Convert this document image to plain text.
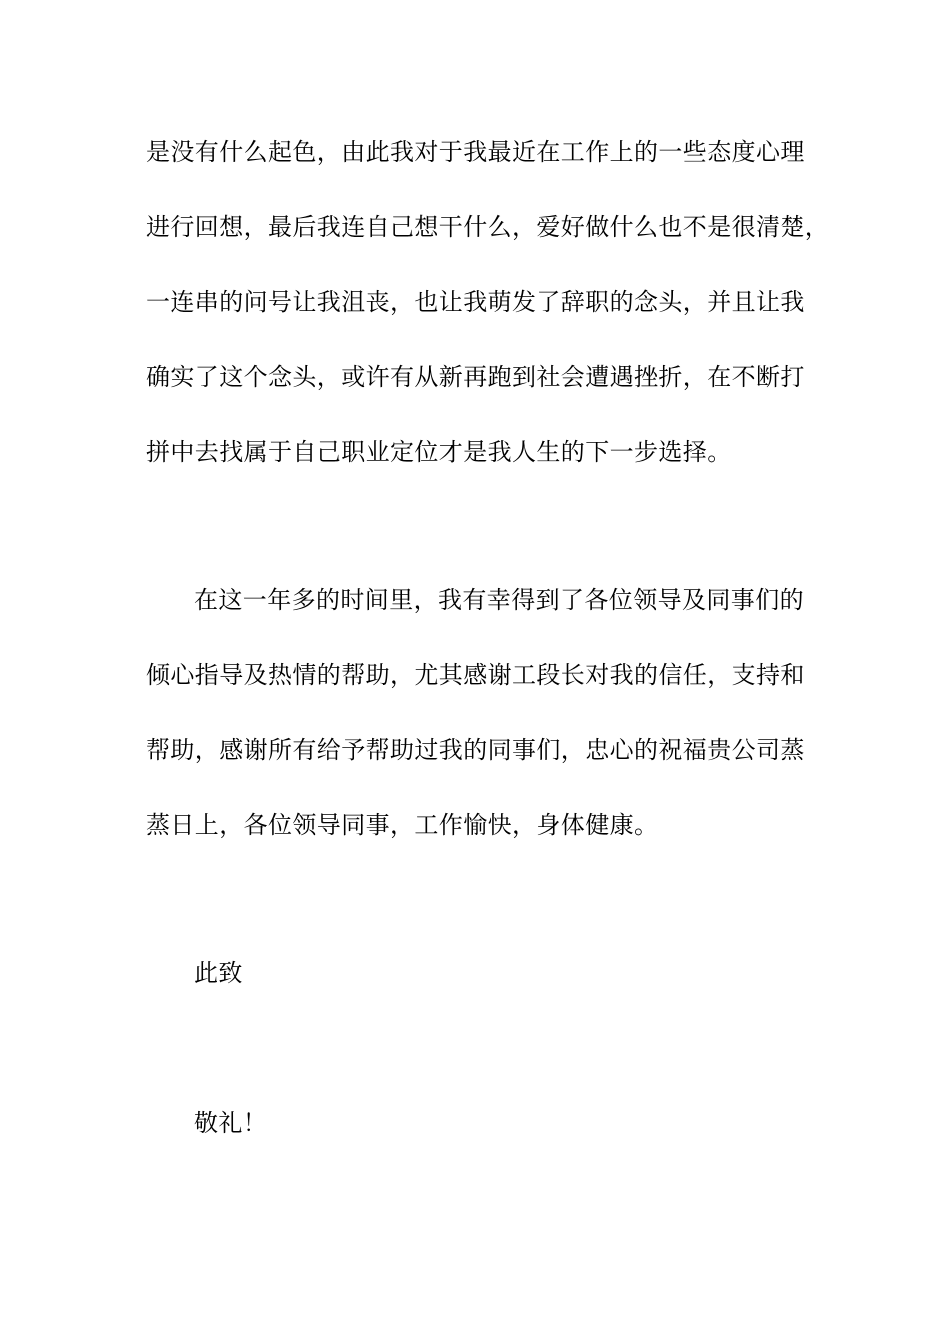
是没有什么起色，由此我对于我最近在工作上的一些态度心理
进行回想，最后我连自己想干什么，爱好做什么也不是很清楚，
一连串的问号让我沮丧，也让我萌发了辞职的念头，并且让我
确实了这个念头，或许有从新再跑到社会遭遇挫折，在不断打
拼中去找属于自己职业定位才是我人生的下一步选择。
在这一年多的时间里，我有幸得到了各位领导及同事们的
倾心指导及热情的帮助，尤其感谢工段长对我的信任，支持和
帮助，感谢所有给予帮助过我的同事们，忠心的祝福贵公司蒸
蒸日上，各位领导同事，工作愉快，身体健康。
此致
敬礼！
